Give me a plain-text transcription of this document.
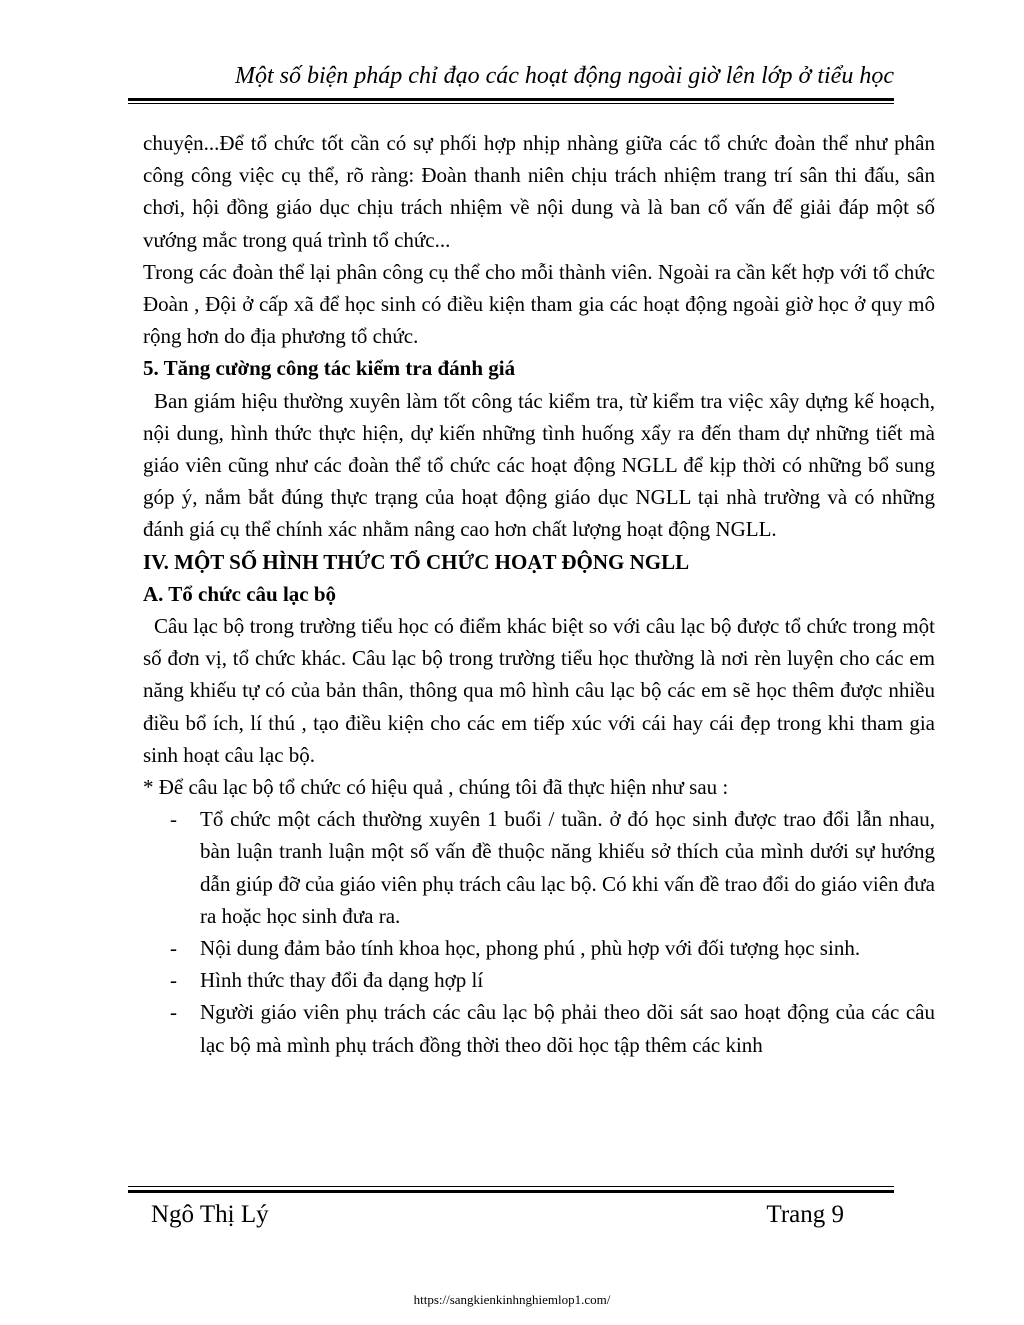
Một số biện pháp chỉ đạo các hoạt động ngoài giờ lên lớp ở tiểu học

chuyện...Để tổ chức tốt cần có sự phối hợp nhịp nhàng giữa các tổ chức đoàn thể như phân công công việc cụ thể, rõ ràng: Đoàn thanh niên chịu trách nhiệm trang trí sân thi đấu, sân chơi, hội đồng giáo dục chịu trách nhiệm về nội dung và là ban cố vấn để giải đáp một số vướng mắc trong quá trình tổ chức...

Trong các đoàn thể lại phân công cụ thể cho mỗi thành viên. Ngoài ra cần kết hợp với tổ chức Đoàn , Đội ở cấp xã để học sinh có điều kiện tham gia các hoạt động ngoài giờ học ở quy mô rộng hơn do địa phương tổ chức.

5. Tăng cường công tác kiểm tra đánh giá

Ban giám hiệu thường xuyên làm tốt công tác kiểm tra, từ kiểm tra việc xây dựng kế hoạch, nội dung, hình thức thực hiện, dự kiến những tình huống xẩy ra đến tham dự những tiết mà giáo viên cũng như các đoàn thể tổ chức các hoạt động NGLL để kịp thời có những bổ sung góp ý, nắm bắt đúng thực trạng của hoạt động giáo dục NGLL tại nhà trường và có những đánh giá cụ thể chính xác nhằm nâng cao hơn chất lượng hoạt động NGLL.

IV. MỘT SỐ HÌNH THỨC TỔ CHỨC HOẠT ĐỘNG NGLL

A. Tổ chức câu lạc bộ

Câu lạc bộ trong trường tiểu học có điểm khác biệt so với câu lạc bộ được tổ chức trong một số đơn vị, tổ chức khác. Câu lạc bộ trong trường tiểu học thường là nơi rèn luyện cho các em năng khiếu tự có của bản thân, thông qua mô hình câu lạc bộ các em sẽ học thêm được nhiều điều bổ ích, lí thú , tạo điều kiện cho các em tiếp xúc với cái hay cái đẹp trong khi tham gia sinh hoạt câu lạc bộ.

* Để câu lạc bộ tổ chức có hiệu quả , chúng tôi đã thực hiện như sau :

- Tổ chức một cách thường xuyên 1 buổi / tuần. ở đó học sinh được trao đổi lẫn nhau, bàn luận tranh luận một số vấn đề thuộc năng khiếu sở thích của mình dưới sự hướng dẫn giúp đỡ của giáo viên phụ trách câu lạc bộ. Có khi vấn đề trao đổi do giáo viên đưa ra hoặc học sinh đưa ra.
- Nội dung đảm bảo tính khoa học, phong phú , phù hợp với đối tượng học sinh.
- Hình thức thay đổi đa dạng hợp lí
- Người giáo viên phụ trách các câu lạc bộ phải theo dõi sát sao hoạt động của các câu lạc bộ mà mình phụ trách đồng thời theo dõi học tập thêm các kinh
Ngô Thị Lý	Trang 9
https://sangkienkinhnghiemlop1.com/
